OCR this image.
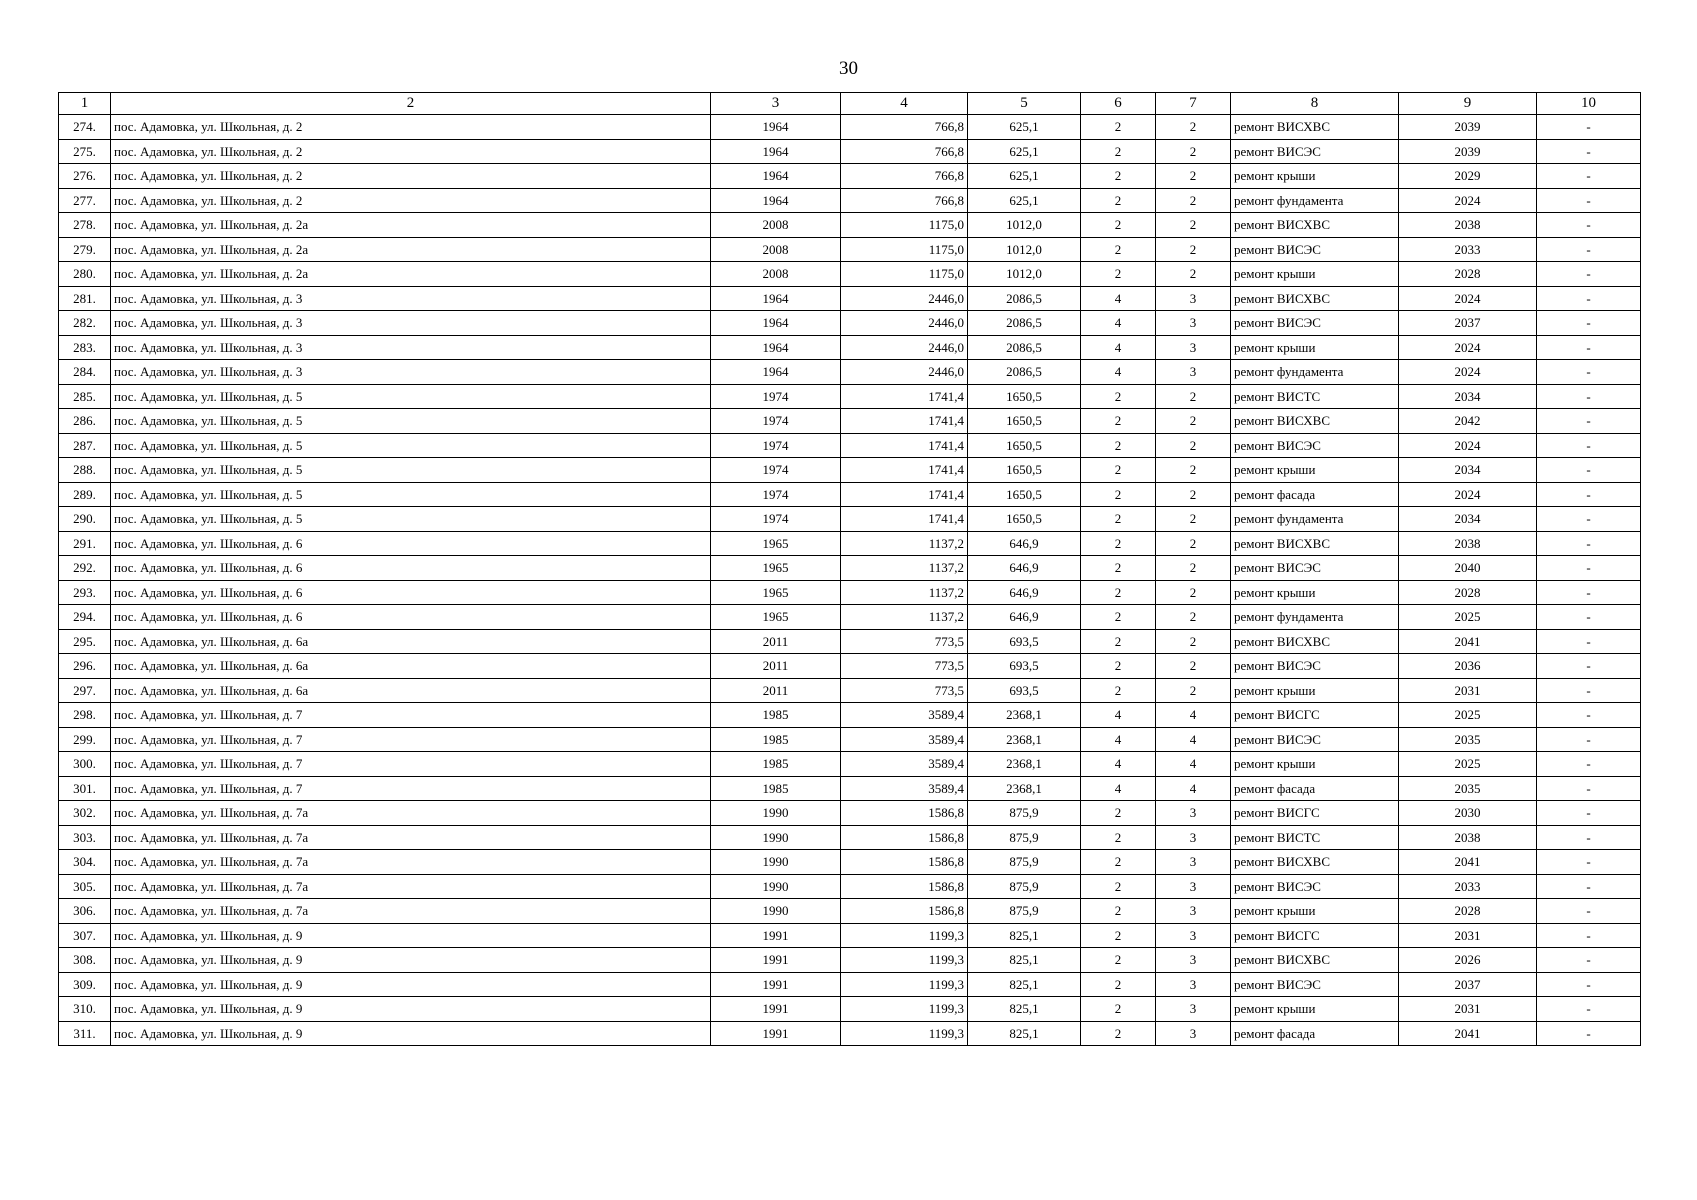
30
1	2	3	4	5	6	7	8	9	10
274.	пос. Адамовка, ул. Школьная, д. 2	1964	766,8	625,1	2	2	ремонт ВИСХВС	2039	-
275.	пос. Адамовка, ул. Школьная, д. 2	1964	766,8	625,1	2	2	ремонт ВИСЭС	2039	-
276.	пос. Адамовка, ул. Школьная, д. 2	1964	766,8	625,1	2	2	ремонт крыши	2029	-
277.	пос. Адамовка, ул. Школьная, д. 2	1964	766,8	625,1	2	2	ремонт фундамента	2024	-
278.	пос. Адамовка, ул. Школьная, д. 2а	2008	1175,0	1012,0	2	2	ремонт ВИСХВС	2038	-
279.	пос. Адамовка, ул. Школьная, д. 2а	2008	1175,0	1012,0	2	2	ремонт ВИСЭС	2033	-
280.	пос. Адамовка, ул. Школьная, д. 2а	2008	1175,0	1012,0	2	2	ремонт крыши	2028	-
281.	пос. Адамовка, ул. Школьная, д. 3	1964	2446,0	2086,5	4	3	ремонт ВИСХВС	2024	-
282.	пос. Адамовка, ул. Школьная, д. 3	1964	2446,0	2086,5	4	3	ремонт ВИСЭС	2037	-
283.	пос. Адамовка, ул. Школьная, д. 3	1964	2446,0	2086,5	4	3	ремонт крыши	2024	-
284.	пос. Адамовка, ул. Школьная, д. 3	1964	2446,0	2086,5	4	3	ремонт фундамента	2024	-
285.	пос. Адамовка, ул. Школьная, д. 5	1974	1741,4	1650,5	2	2	ремонт ВИСТС	2034	-
286.	пос. Адамовка, ул. Школьная, д. 5	1974	1741,4	1650,5	2	2	ремонт ВИСХВС	2042	-
287.	пос. Адамовка, ул. Школьная, д. 5	1974	1741,4	1650,5	2	2	ремонт ВИСЭС	2024	-
288.	пос. Адамовка, ул. Школьная, д. 5	1974	1741,4	1650,5	2	2	ремонт крыши	2034	-
289.	пос. Адамовка, ул. Школьная, д. 5	1974	1741,4	1650,5	2	2	ремонт фасада	2024	-
290.	пос. Адамовка, ул. Школьная, д. 5	1974	1741,4	1650,5	2	2	ремонт фундамента	2034	-
291.	пос. Адамовка, ул. Школьная, д. 6	1965	1137,2	646,9	2	2	ремонт ВИСХВС	2038	-
292.	пос. Адамовка, ул. Школьная, д. 6	1965	1137,2	646,9	2	2	ремонт ВИСЭС	2040	-
293.	пос. Адамовка, ул. Школьная, д. 6	1965	1137,2	646,9	2	2	ремонт крыши	2028	-
294.	пос. Адамовка, ул. Школьная, д. 6	1965	1137,2	646,9	2	2	ремонт фундамента	2025	-
295.	пос. Адамовка, ул. Школьная, д. 6а	2011	773,5	693,5	2	2	ремонт ВИСХВС	2041	-
296.	пос. Адамовка, ул. Школьная, д. 6а	2011	773,5	693,5	2	2	ремонт ВИСЭС	2036	-
297.	пос. Адамовка, ул. Школьная, д. 6а	2011	773,5	693,5	2	2	ремонт крыши	2031	-
298.	пос. Адамовка, ул. Школьная, д. 7	1985	3589,4	2368,1	4	4	ремонт ВИСГС	2025	-
299.	пос. Адамовка, ул. Школьная, д. 7	1985	3589,4	2368,1	4	4	ремонт ВИСЭС	2035	-
300.	пос. Адамовка, ул. Школьная, д. 7	1985	3589,4	2368,1	4	4	ремонт крыши	2025	-
301.	пос. Адамовка, ул. Школьная, д. 7	1985	3589,4	2368,1	4	4	ремонт фасада	2035	-
302.	пос. Адамовка, ул. Школьная, д. 7а	1990	1586,8	875,9	2	3	ремонт ВИСГС	2030	-
303.	пос. Адамовка, ул. Школьная, д. 7а	1990	1586,8	875,9	2	3	ремонт ВИСТС	2038	-
304.	пос. Адамовка, ул. Школьная, д. 7а	1990	1586,8	875,9	2	3	ремонт ВИСХВС	2041	-
305.	пос. Адамовка, ул. Школьная, д. 7а	1990	1586,8	875,9	2	3	ремонт ВИСЭС	2033	-
306.	пос. Адамовка, ул. Школьная, д. 7а	1990	1586,8	875,9	2	3	ремонт крыши	2028	-
307.	пос. Адамовка, ул. Школьная, д. 9	1991	1199,3	825,1	2	3	ремонт ВИСГС	2031	-
308.	пос. Адамовка, ул. Школьная, д. 9	1991	1199,3	825,1	2	3	ремонт ВИСХВС	2026	-
309.	пос. Адамовка, ул. Школьная, д. 9	1991	1199,3	825,1	2	3	ремонт ВИСЭС	2037	-
310.	пос. Адамовка, ул. Школьная, д. 9	1991	1199,3	825,1	2	3	ремонт крыши	2031	-
311.	пос. Адамовка, ул. Школьная, д. 9	1991	1199,3	825,1	2	3	ремонт фасада	2041	-
